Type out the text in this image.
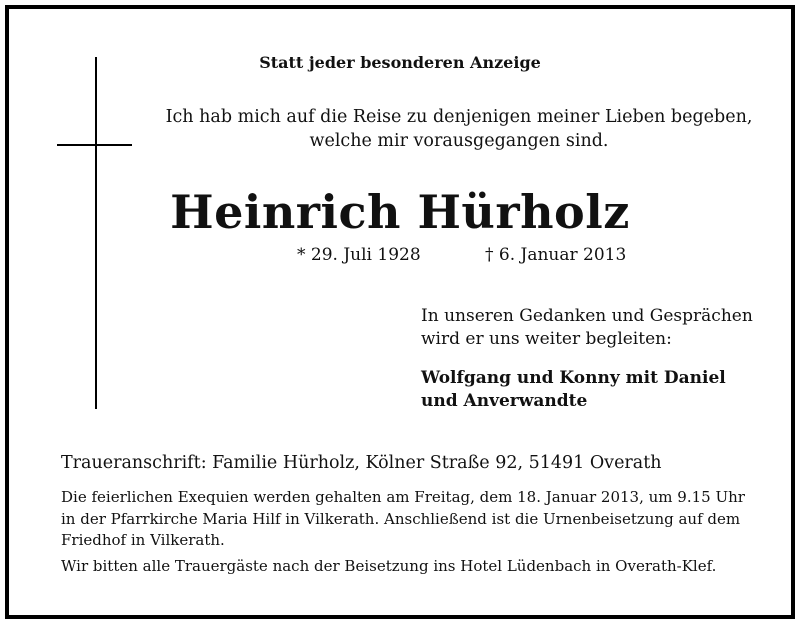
Statt jeder besonderen Anzeige

Ich hab mich auf die Reise zu denjenigen meiner Lieben begeben,
welche mir vorausgegangen sind.

Heinrich Hürholz

* 29. Juli 1928	† 6. Januar 2013

In unseren Gedanken und Gesprächen
wird er uns weiter begleiten:

Wolfgang und Konny mit Daniel
und Anverwandte

Traueranschrift: Familie Hürholz, Kölner Straße 92, 51491 Overath

Die feierlichen Exequien werden gehalten am Freitag, dem 18. Januar 2013, um 9.15 Uhr
in der Pfarrkirche Maria Hilf in Vilkerath. Anschließend ist die Urnenbeisetzung auf dem
Friedhof in Vilkerath.

Wir bitten alle Trauergäste nach der Beisetzung ins Hotel Lüdenbach in Overath-Klef.
